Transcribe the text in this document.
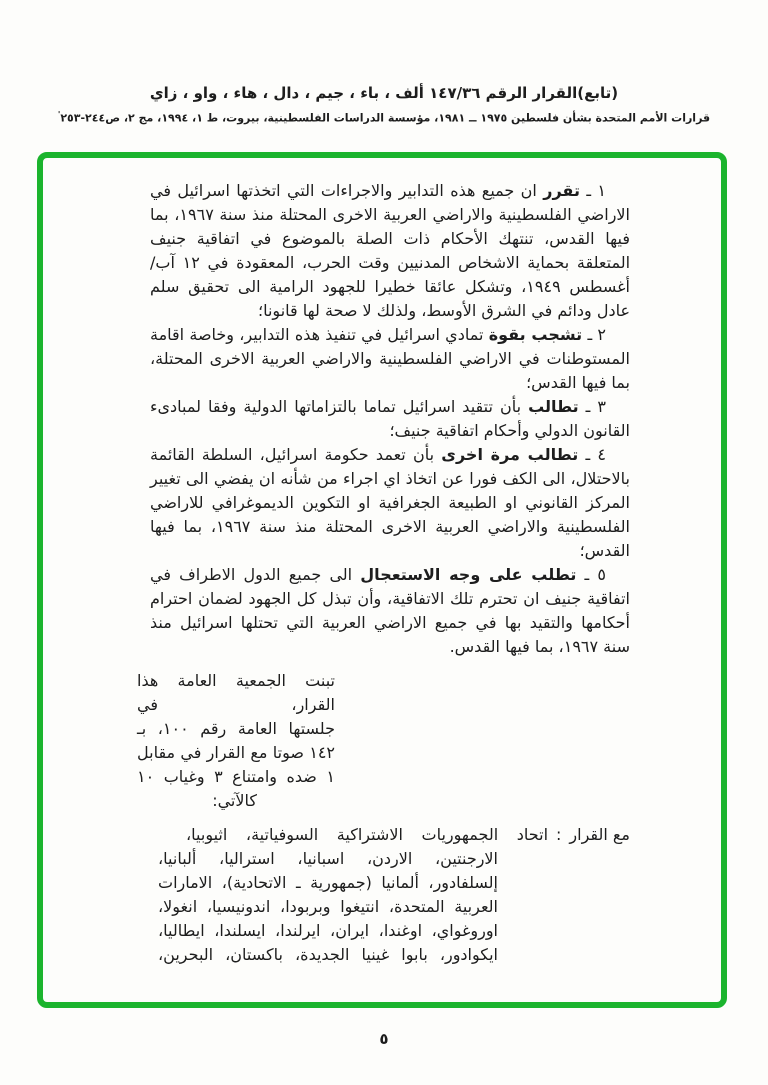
(تابع)القرار الرقم ١٤٧/٣٦ ألف ، باء ، جيم ، دال ، هاء ، واو ، زاي
قرارات الأمم المتحدة بشأن فلسطين ١٩٧٥ ــ ١٩٨١، مؤسسة الدراسات الفلسطينية، بيروت، ط ١، ١٩٩٤، مج ٢، ص٢٤٤-٢٥٣'

١ ـ تقرر ان جميع هذه التدابير والاجراءات التي اتخذتها اسرائيل في الاراضي الفلسطينية والاراضي العربية الاخرى المحتلة منذ سنة ١٩٦٧، بما فيها القدس، تنتهك الأحكام ذات الصلة بالموضوع في اتفاقية جنيف المتعلقة بحماية الاشخاص المدنيين وقت الحرب، المعقودة في ١٢ آب/أغسطس ١٩٤٩، وتشكل عائقا خطيرا للجهود الرامية الى تحقيق سلم عادل ودائم في الشرق الأوسط، ولذلك لا صحة لها قانونا؛

٢ ـ تشجب بقوة تمادي اسرائيل في تنفيذ هذه التدابير، وخاصة اقامة المستوطنات في الاراضي الفلسطينية والاراضي العربية الاخرى المحتلة، بما فيها القدس؛

٣ ـ تطالب بأن تتقيد اسرائيل تماما بالتزاماتها الدولية وفقا لمبادىء القانون الدولي وأحكام اتفاقية جنيف؛

٤ ـ تطالب مرة اخرى بأن تعمد حكومة اسرائيل، السلطة القائمة بالاحتلال، الى الكف فورا عن اتخاذ اي اجراء من شأنه ان يفضي الى تغيير المركز القانوني او الطبيعة الجغرافية او التكوين الديموغرافي للاراضي الفلسطينية والاراضي العربية الاخرى المحتلة منذ سنة ١٩٦٧، بما فيها القدس؛

٥ ـ تطلب على وجه الاستعجال الى جميع الدول الاطراف في اتفاقية جنيف ان تحترم تلك الاتفاقية، وأن تبذل كل الجهود لضمان احترام أحكامها والتقيد بها في جميع الاراضي العربية التي تحتلها اسرائيل منذ سنة ١٩٦٧، بما فيها القدس.

تبنت الجمعية العامة هذا القرار، في
جلستها العامة رقم ١٠٠، بـ
١٤٢ صوتا مع القرار في مقابل
١ ضده وامتناع ٣ وغياب ١٠
كالآتي:
مع القرار
:
اتحاد الجمهوريات الاشتراكية السوفياتية، اثيوبيا،
الارجنتين، الاردن، اسبانيا، استراليا، ألبانيا،
إلسلفادور، ألمانيا (جمهورية ـ الاتحادية)، الامارات
العربية المتحدة، انتيغوا وبربودا، اندونيسيا، انغولا،
اوروغواي، اوغندا، ايران، ايرلندا، ايسلندا، ايطاليا،
ايكوادور، بابوا غينيا الجديدة، باكستان، البحرين،
٥
